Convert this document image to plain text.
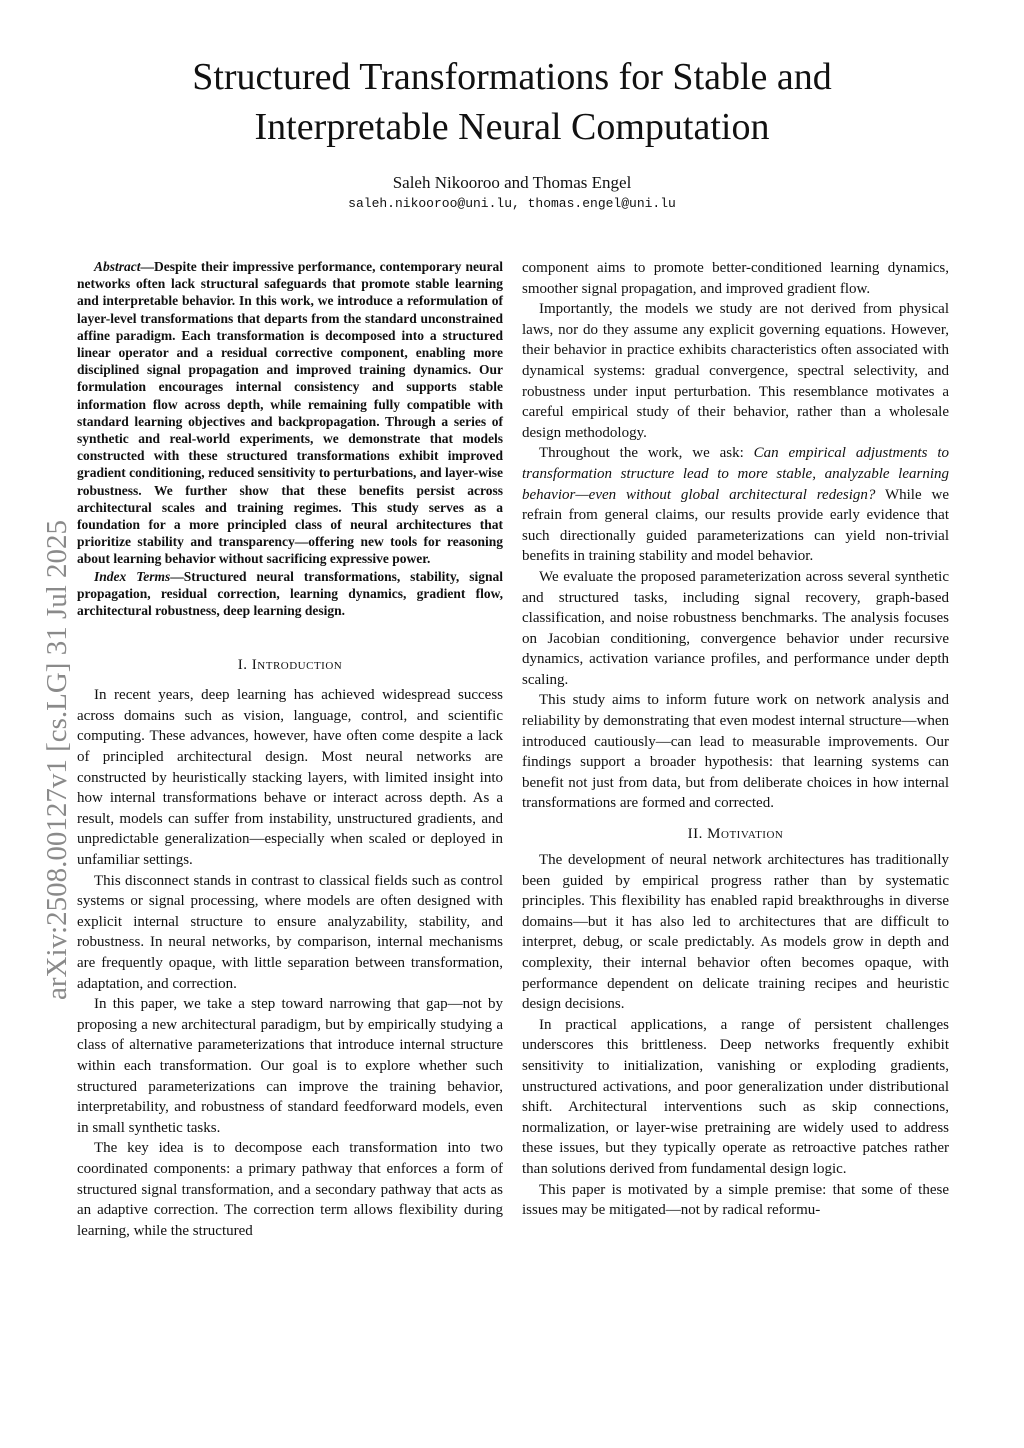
Structured Transformations for Stable and
Interpretable Neural Computation
Saleh Nikooroo and Thomas Engel
saleh.nikooroo@uni.lu, thomas.engel@uni.lu
arXiv:2508.00127v1 [cs.LG] 31 Jul 2025

Abstract—Despite their impressive performance, contemporary neural networks often lack structural safeguards that promote stable learning and interpretable behavior. In this work, we introduce a reformulation of layer-level transformations that departs from the standard unconstrained affine paradigm. Each transformation is decomposed into a structured linear operator and a residual corrective component, enabling more disciplined signal propagation and improved training dynamics. Our formulation encourages internal consistency and supports stable information flow across depth, while remaining fully compatible with standard learning objectives and backpropagation. Through a series of synthetic and real-world experiments, we demonstrate that models constructed with these structured transformations exhibit improved gradient conditioning, reduced sensitivity to perturbations, and layer-wise robustness. We further show that these benefits persist across architectural scales and training regimes. This study serves as a foundation for a more principled class of neural architectures that prioritize stability and transparency—offering new tools for reasoning about learning behavior without sacrificing expressive power.

Index Terms—Structured neural transformations, stability, signal propagation, residual correction, learning dynamics, gradient flow, architectural robustness, deep learning design.

I. Introduction

In recent years, deep learning has achieved widespread success across domains such as vision, language, control, and scientific computing. These advances, however, have often come despite a lack of principled architectural design. Most neural networks are constructed by heuristically stacking layers, with limited insight into how internal transformations behave or interact across depth. As a result, models can suffer from instability, unstructured gradients, and unpredictable generalization—especially when scaled or deployed in unfamiliar settings.

This disconnect stands in contrast to classical fields such as control systems or signal processing, where models are often designed with explicit internal structure to ensure analyzability, stability, and robustness. In neural networks, by comparison, internal mechanisms are frequently opaque, with little separation between transformation, adaptation, and correction.

In this paper, we take a step toward narrowing that gap—not by proposing a new architectural paradigm, but by empirically studying a class of alternative parameterizations that introduce internal structure within each transformation. Our goal is to explore whether such structured parameterizations can improve the training behavior, interpretability, and robustness of standard feedforward models, even in small synthetic tasks.

The key idea is to decompose each transformation into two coordinated components: a primary pathway that enforces a form of structured signal transformation, and a secondary pathway that acts as an adaptive correction. The correction term allows flexibility during learning, while the structured

component aims to promote better-conditioned learning dynamics, smoother signal propagation, and improved gradient flow.

Importantly, the models we study are not derived from physical laws, nor do they assume any explicit governing equations. However, their behavior in practice exhibits characteristics often associated with dynamical systems: gradual convergence, spectral selectivity, and robustness under input perturbation. This resemblance motivates a careful empirical study of their behavior, rather than a wholesale design methodology.

Throughout the work, we ask: Can empirical adjustments to transformation structure lead to more stable, analyzable learning behavior—even without global architectural redesign? While we refrain from general claims, our results provide early evidence that such directionally guided parameterizations can yield non-trivial benefits in training stability and model behavior.

We evaluate the proposed parameterization across several synthetic and structured tasks, including signal recovery, graph-based classification, and noise robustness benchmarks. The analysis focuses on Jacobian conditioning, convergence behavior under recursive dynamics, activation variance profiles, and performance under depth scaling.

This study aims to inform future work on network analysis and reliability by demonstrating that even modest internal structure—when introduced cautiously—can lead to measurable improvements. Our findings support a broader hypothesis: that learning systems can benefit not just from data, but from deliberate choices in how internal transformations are formed and corrected.

II. Motivation

The development of neural network architectures has traditionally been guided by empirical progress rather than by systematic principles. This flexibility has enabled rapid breakthroughs in diverse domains—but it has also led to architectures that are difficult to interpret, debug, or scale predictably. As models grow in depth and complexity, their internal behavior often becomes opaque, with performance dependent on delicate training recipes and heuristic design decisions.

In practical applications, a range of persistent challenges underscores this brittleness. Deep networks frequently exhibit sensitivity to initialization, vanishing or exploding gradients, unstructured activations, and poor generalization under distributional shift. Architectural interventions such as skip connections, normalization, or layer-wise pretraining are widely used to address these issues, but they typically operate as retroactive patches rather than solutions derived from fundamental design logic.

This paper is motivated by a simple premise: that some of these issues may be mitigated—not by radical reformu-
